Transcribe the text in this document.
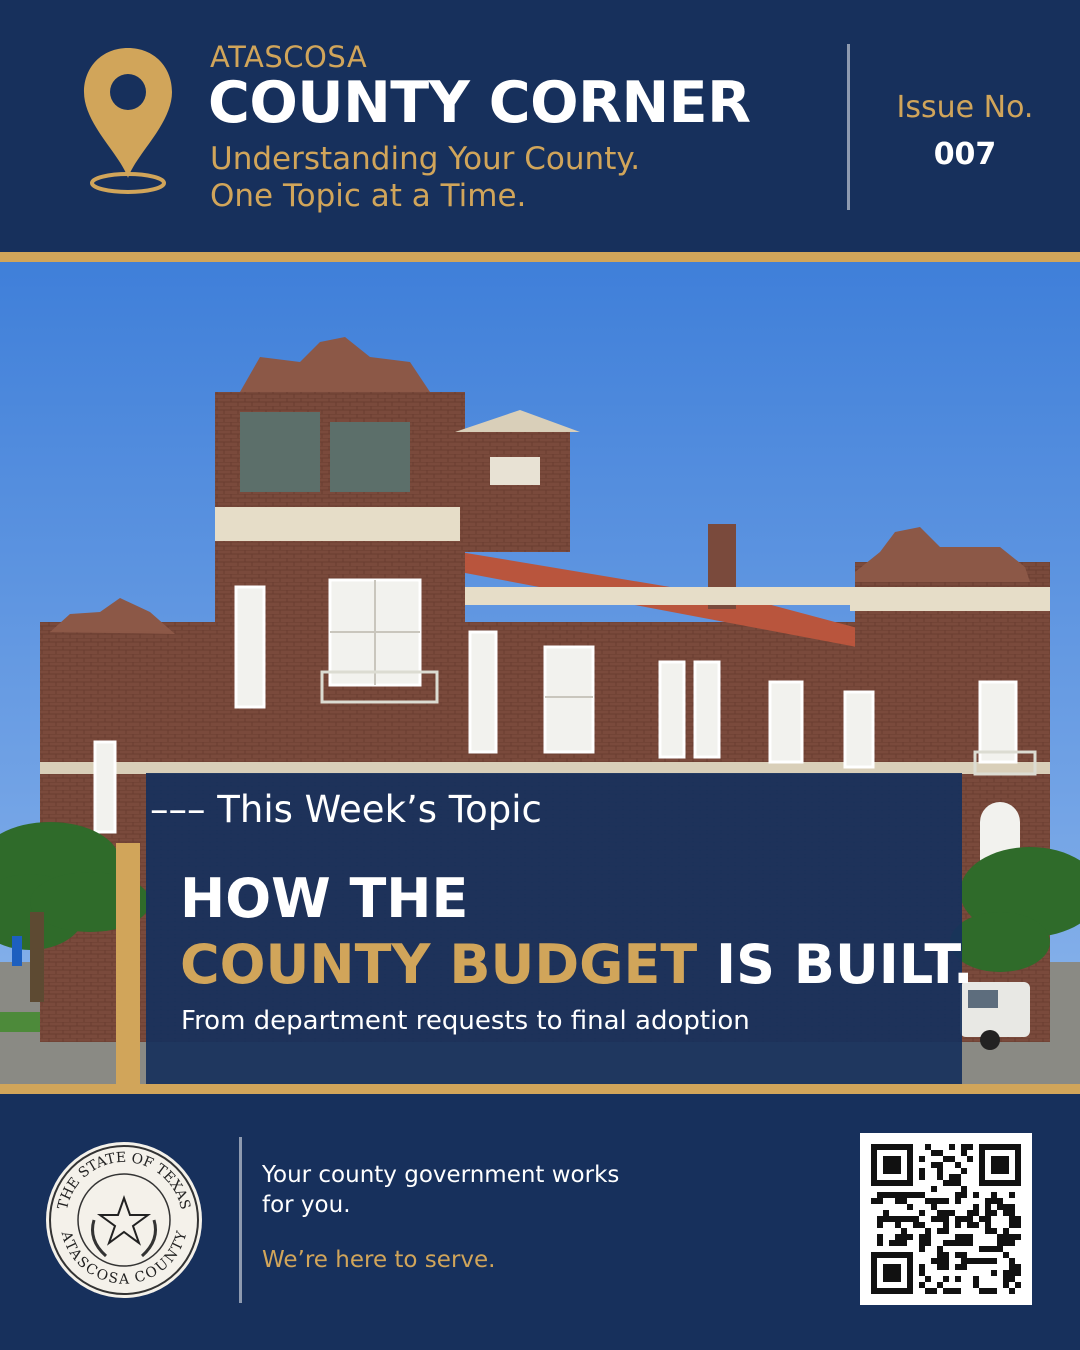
ATASCOSA
COUNTY CORNER
Understanding Your County.
One Topic at a Time.
Issue No.
007
––– This Week’s Topic
HOW THE
COUNTY BUDGET IS BUILT.
From department requests to final adoption
THE STATE OF TEXAS
ATASCOSA COUNTY
Your county government works for you.
We’re here to serve.
